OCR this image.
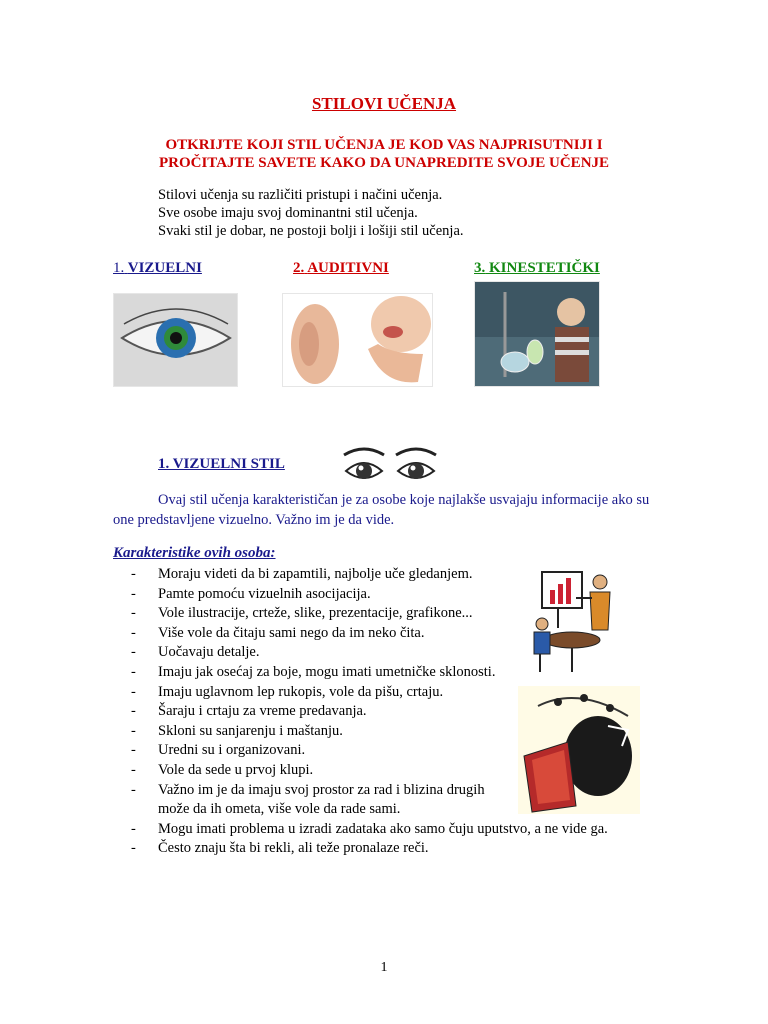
STILOVI UČENJA
OTKRIJTE KOJI STIL UČENJA JE KOD VAS NAJPRISUTNIJI I
PROČITAJTE SAVETE KAKO DA UNAPREDITE SVOJE UČENJE
Stilovi učenja su različiti pristupi i načini učenja.
Sve osobe imaju svoj dominantni stil učenja.
Svaki stil je dobar, ne postoji bolji i lošiji stil učenja.
1. VIZUELNI	2. AUDITIVNI	3. KINESTETIČKI
1. VIZUELNI STIL
Ovaj stil učenja karakterističan je za osobe koje najlakše usvajaju informacije ako su one predstavljene vizuelno. Važno im je da vide.
Karakteristike ovih osoba:
- Moraju videti da bi zapamtili, najbolje uče gledanjem.
- Pamte pomoću vizuelnih asocijacija.
- Vole ilustracije, crteže, slike, prezentacije, grafikone...
- Više vole da čitaju sami nego da im neko čita.
- Uočavaju detalje.
- Imaju jak osećaj za boje, mogu imati umetničke sklonosti.
- Imaju uglavnom lep rukopis, vole da pišu, crtaju.
- Šaraju i crtaju za vreme predavanja.
- Skloni su sanjarenju i maštanju.
- Uredni su i organizovani.
- Vole da sede u prvoj klupi.
- Važno im je da imaju svoj prostor za rad i blizina drugih
može da ih ometa, više vole da rade sami.
- Mogu imati problema u izradi zadataka ako samo čuju uputstvo, a ne vide ga.
- Često znaju šta bi rekli, ali teže pronalaze reči.
1
